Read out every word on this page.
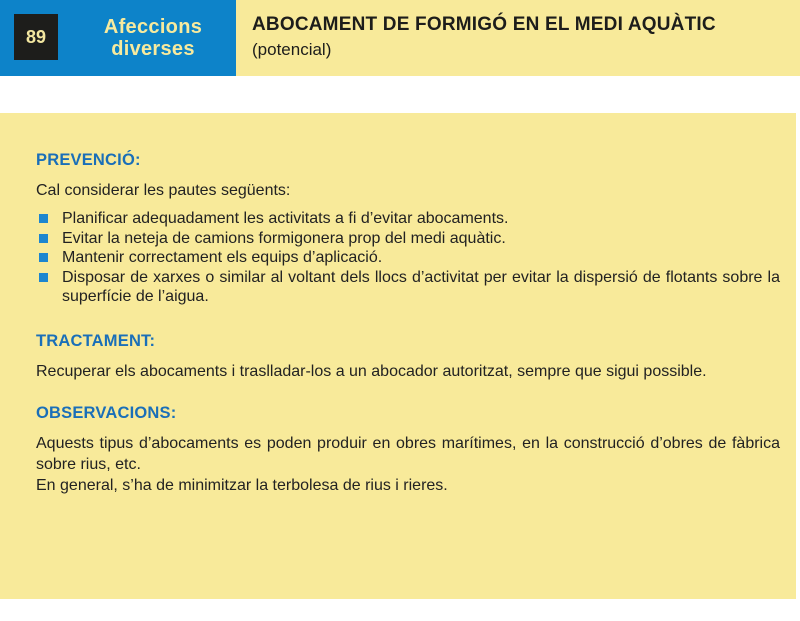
89	Afeccions
diverses
ABOCAMENT DE FORMIGÓ EN EL MEDI AQUÀTIC
(potencial)
PREVENCIÓ:

Cal considerar les pautes següents:

Planificar adequadament les activitats a fi d’evitar abocaments.
Evitar la neteja de camions formigonera prop del medi aquàtic.
Mantenir correctament els equips d’aplicació.
Disposar de xarxes o similar al voltant dels llocs d’activitat per evitar la dispersió de flotants sobre la superfície de l’aigua.
TRACTAMENT:

Recuperar els abocaments i traslladar-los a un abocador autoritzat, sempre que sigui possible.

OBSERVACIONS:

Aquests tipus d’abocaments es poden produir en obres marítimes, en la construcció d’obres de fàbrica sobre rius, etc.

En general, s’ha de minimitzar la terbolesa de rius i rieres.
